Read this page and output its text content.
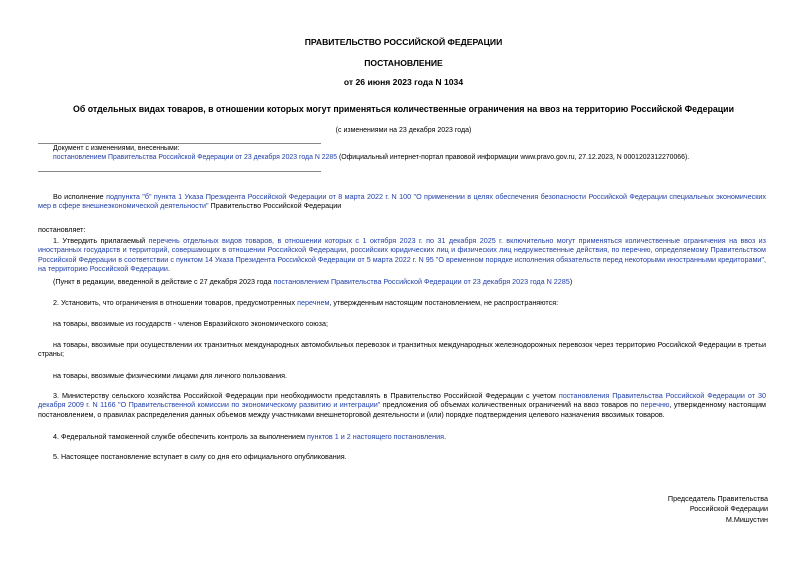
ПРАВИТЕЛЬСТВО РОССИЙСКОЙ ФЕДЕРАЦИИ
ПОСТАНОВЛЕНИЕ
от 26 июня 2023 года N 1034
Об отдельных видах товаров, в отношении которых могут применяться количественные ограничения на ввоз на территорию Российской Федерации
(с изменениями на 23 декабря 2023 года)
Документ с изменениями, внесенными:
постановлением Правительства Российской Федерации от 23 декабря 2023 года N 2285 (Официальный интернет-портал правовой информации www.pravo.gov.ru, 27.12.2023, N 0001202312270066).
Во исполнение подпункта "б" пункта 1 Указа Президента Российской Федерации от 8 марта 2022 г. N 100 "О применении в целях обеспечения безопасности Российской Федерации специальных экономических мер в сфере внешнеэкономической деятельности" Правительство Российской Федерации
постановляет:
1. Утвердить прилагаемый перечень отдельных видов товаров, в отношении которых с 1 октября 2023 г. по 31 декабря 2025 г. включительно могут применяться количественные ограничения на ввоз из иностранных государств и территорий, совершающих в отношении Российской Федерации, российских юридических лиц и физических лиц недружественные действия, по перечню, определяемому Правительством Российской Федерации в соответствии с пунктом 14 Указа Президента Российской Федерации от 5 марта 2022 г. N 95 "О временном порядке исполнения обязательств перед некоторыми иностранными кредиторами", на территорию Российской Федерации.
(Пункт в редакции, введенной в действие с 27 декабря 2023 года постановлением Правительства Российской Федерации от 23 декабря 2023 года N 2285)
2. Установить, что ограничения в отношении товаров, предусмотренных перечнем, утвержденным настоящим постановлением, не распространяются:
на товары, ввозимые из государств - членов Евразийского экономического союза;
на товары, ввозимые при осуществлении их транзитных международных автомобильных перевозок и транзитных международных железнодорожных перевозок через территорию Российской Федерации в третьи страны;
на товары, ввозимые физическими лицами для личного пользования.
3. Министерству сельского хозяйства Российской Федерации при необходимости представлять в Правительство Российской Федерации с учетом постановления Правительства Российской Федерации от 30 декабря 2009 г. N 1166 "О Правительственной комиссии по экономическому развитию и интеграции" предложения об объемах количественных ограничений на ввоз товаров по перечню, утвержденному настоящим постановлением, о правилах распределения данных объемов между участниками внешнеторговой деятельности и (или) порядке подтверждения целевого назначения ввозимых товаров.
4. Федеральной таможенной службе обеспечить контроль за выполнением пунктов 1 и 2 настоящего постановления.
5. Настоящее постановление вступает в силу со дня его официального опубликования.
Председатель Правительства
Российской Федерации
М.Мишустин
